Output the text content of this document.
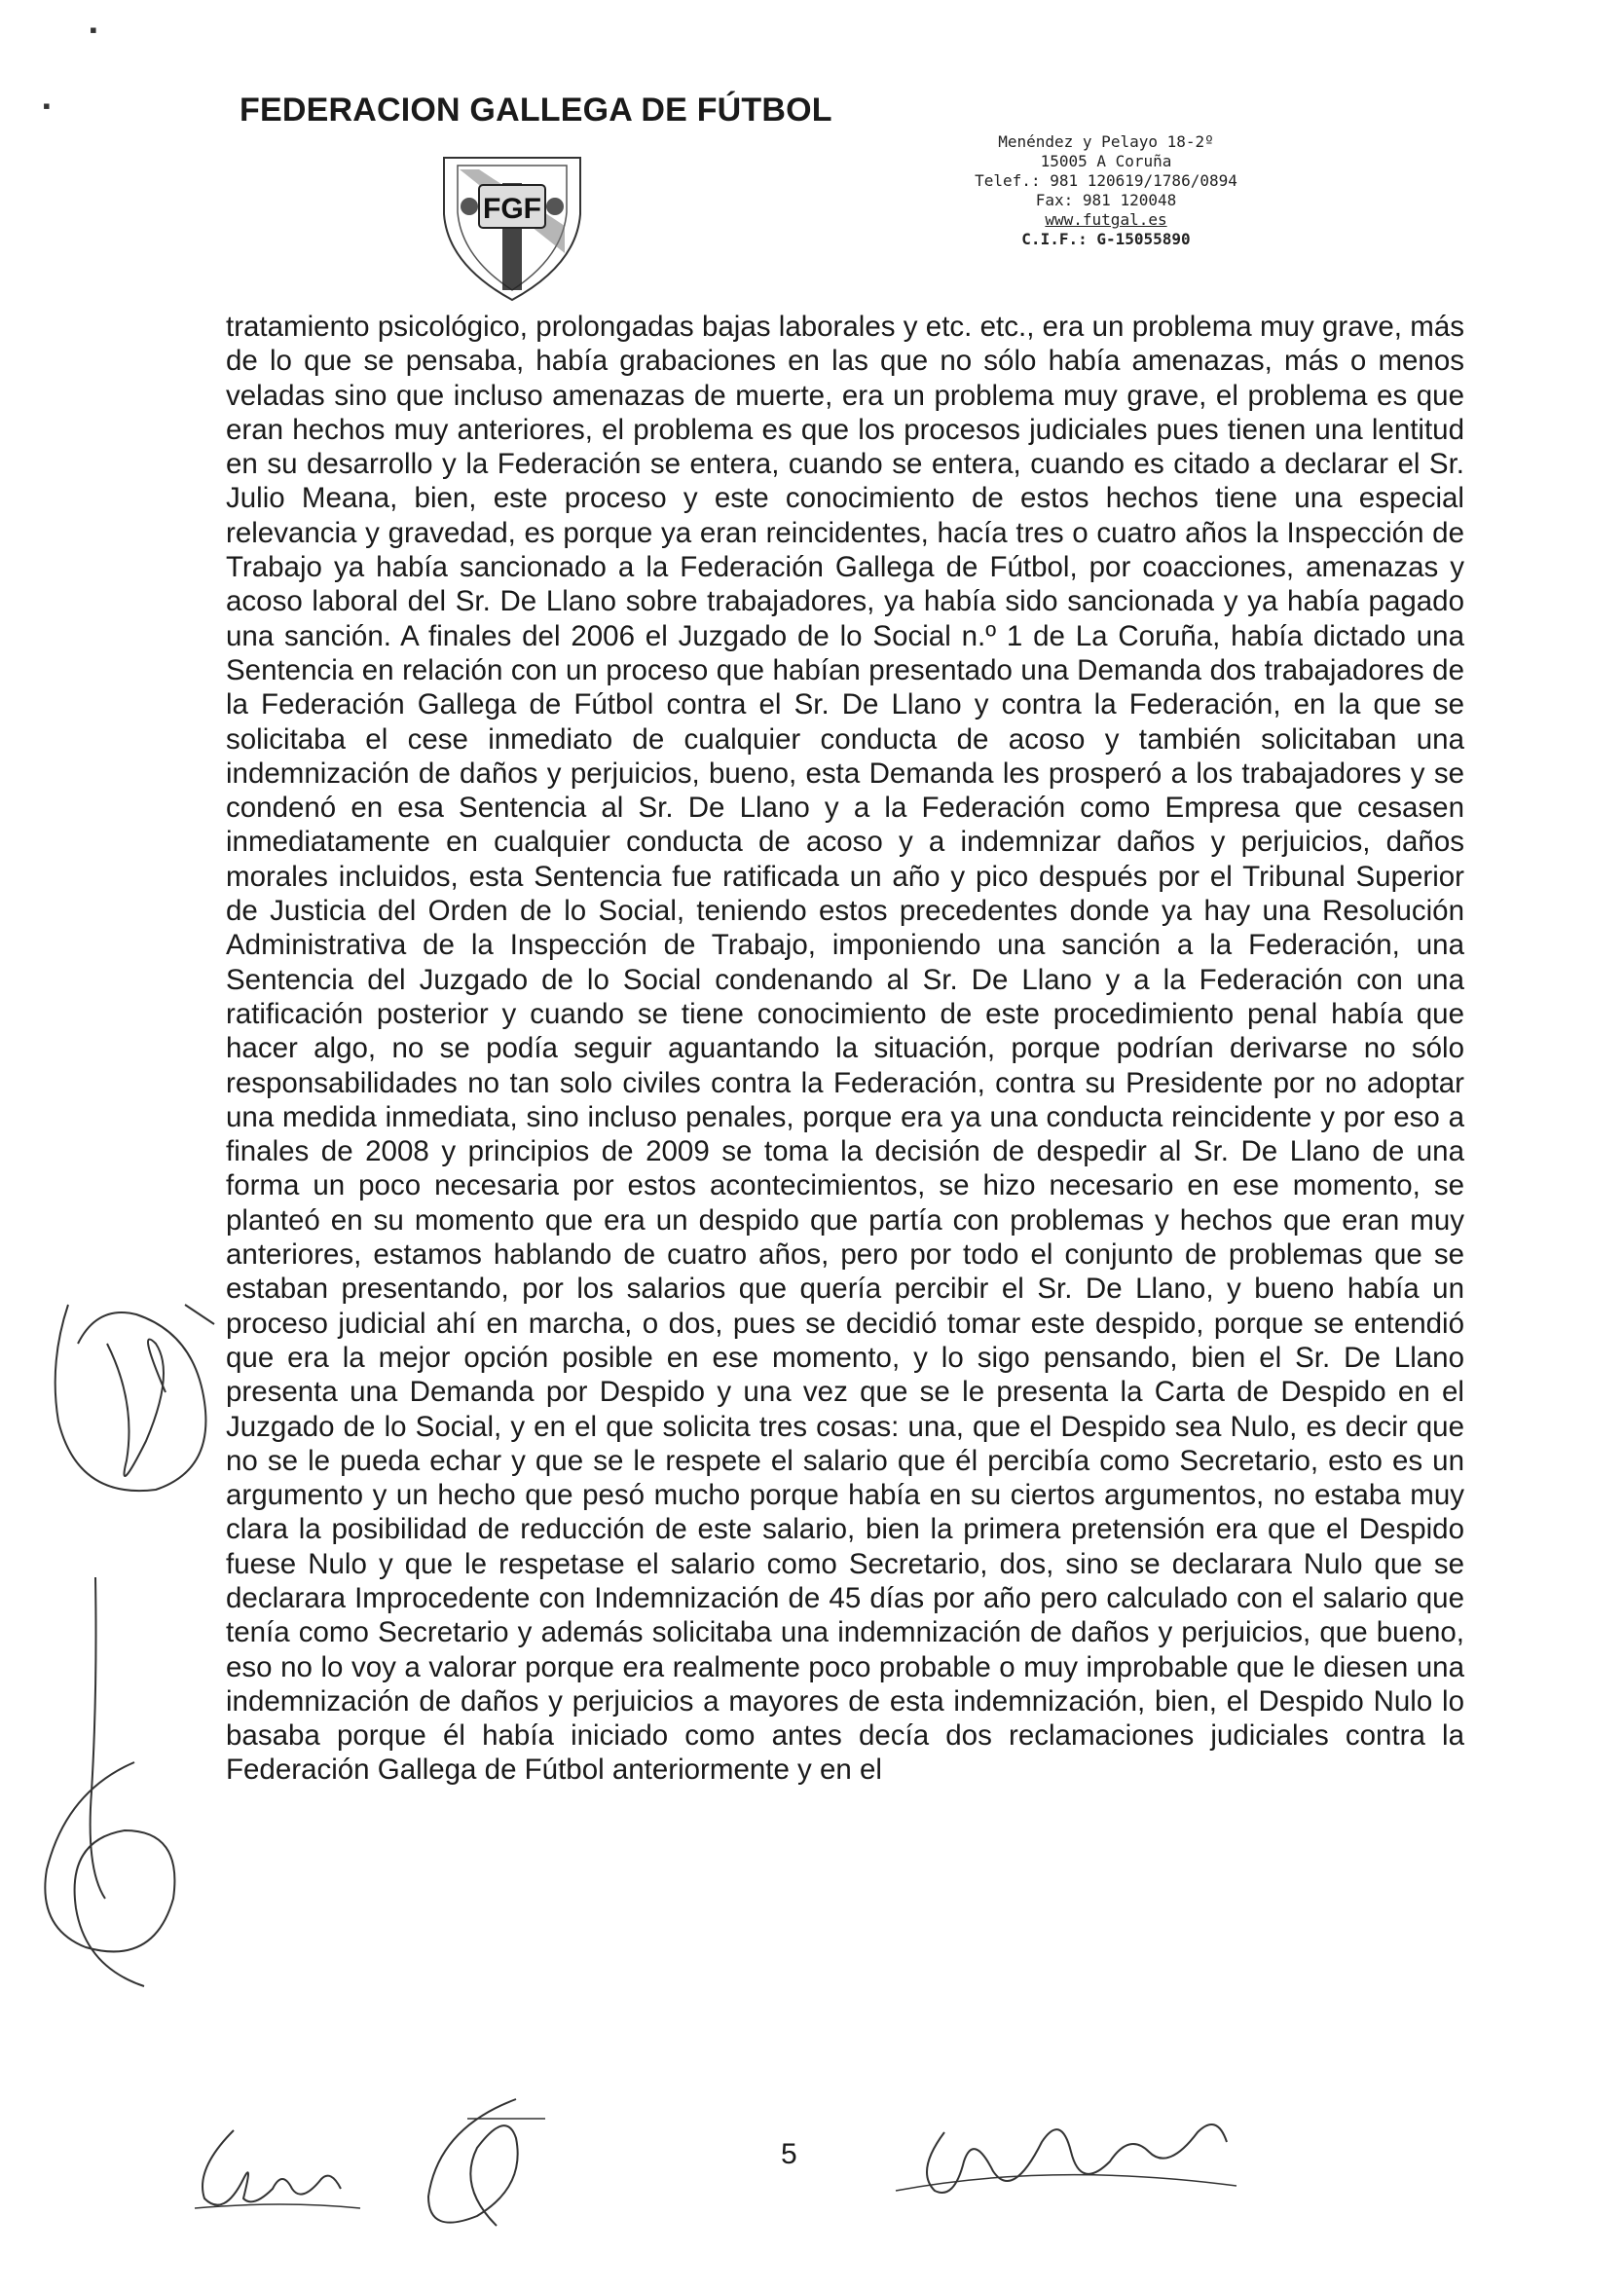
▪
▪	FEDERACION GALLEGA DE FÚTBOL
FGF
Menéndez y Pelayo 18-2º
15005 A Coruña
Telef.: 981 120619/1786/0894
Fax: 981 120048
www.futgal.es
C.I.F.: G-15055890

tratamiento psicológico, prolongadas bajas laborales y etc. etc., era un problema muy grave, más de lo que se pensaba, había grabaciones en las que no sólo había amenazas, más o menos veladas sino que incluso amenazas de muerte, era un problema muy grave, el problema es que eran hechos muy anteriores, el problema es que los procesos judiciales pues tienen una lentitud en su desarrollo y la Federación se entera, cuando se entera, cuando es citado a declarar el Sr. Julio Meana, bien, este proceso y este conocimiento de estos hechos tiene una especial relevancia y gravedad, es porque ya eran reincidentes, hacía tres o cuatro años la Inspección de Trabajo ya había sancionado a la Federación Gallega de Fútbol, por coacciones, amenazas y acoso laboral del Sr. De Llano sobre trabajadores, ya había sido sancionada y ya había pagado una sanción. A finales del 2006 el Juzgado de lo Social n.º 1 de La Coruña, había dictado una Sentencia en relación con un proceso que habían presentado una Demanda dos trabajadores de la Federación Gallega de Fútbol contra el Sr. De Llano y contra la Federación, en la que se solicitaba el cese inmediato de cualquier conducta de acoso y también solicitaban una indemnización de daños y perjuicios, bueno, esta Demanda les prosperó a los trabajadores y se condenó en esa Sentencia al Sr. De Llano y a la Federación como Empresa que cesasen inmediatamente en cualquier conducta de acoso y a indemnizar daños y perjuicios, daños morales incluidos, esta Sentencia fue ratificada un año y pico después por el Tribunal Superior de Justicia del Orden de lo Social, teniendo estos precedentes donde ya hay una Resolución Administrativa de la Inspección de Trabajo, imponiendo una sanción a la Federación, una Sentencia del Juzgado de lo Social condenando al Sr. De Llano y a la Federación con una ratificación posterior y cuando se tiene conocimiento de este procedimiento penal había que hacer algo, no se podía seguir aguantando la situación, porque podrían derivarse no sólo responsabilidades no tan solo civiles contra la Federación, contra su Presidente por no adoptar una medida inmediata, sino incluso penales, porque era ya una conducta reincidente y por eso a finales de 2008 y principios de 2009 se toma la decisión de despedir al Sr. De Llano de una forma un poco necesaria por estos acontecimientos, se hizo necesario en ese momento, se planteó en su momento que era un despido que partía con problemas y hechos que eran muy anteriores, estamos hablando de cuatro años, pero por todo el conjunto de problemas que se estaban presentando, por los salarios que quería percibir el Sr. De Llano, y bueno había un proceso judicial ahí en marcha, o dos, pues se decidió tomar este despido, porque se entendió que era la mejor opción posible en ese momento, y lo sigo pensando, bien el Sr. De Llano presenta una Demanda por Despido y una vez que se le presenta la Carta de Despido en el Juzgado de lo Social, y en el que solicita tres cosas: una, que el Despido sea Nulo, es decir que no se le pueda echar y que se le respete el salario que él percibía como Secretario, esto es un argumento y un hecho que pesó mucho porque había en su ciertos argumentos, no estaba muy clara la posibilidad de reducción de este salario, bien la primera pretensión era que el Despido fuese Nulo y que le respetase el salario como Secretario, dos, sino se declarara Nulo que se declarara Improcedente con Indemnización de 45 días por año pero calculado con el salario que tenía como Secretario y además solicitaba una indemnización de daños y perjuicios, que bueno, eso no lo voy a valorar porque era realmente poco probable o muy improbable que le diesen una indemnización de daños y perjuicios a mayores de esta indemnización, bien, el Despido Nulo lo basaba porque él había iniciado como antes decía dos reclamaciones judiciales contra la Federación Gallega de Fútbol anteriormente y en el

5
